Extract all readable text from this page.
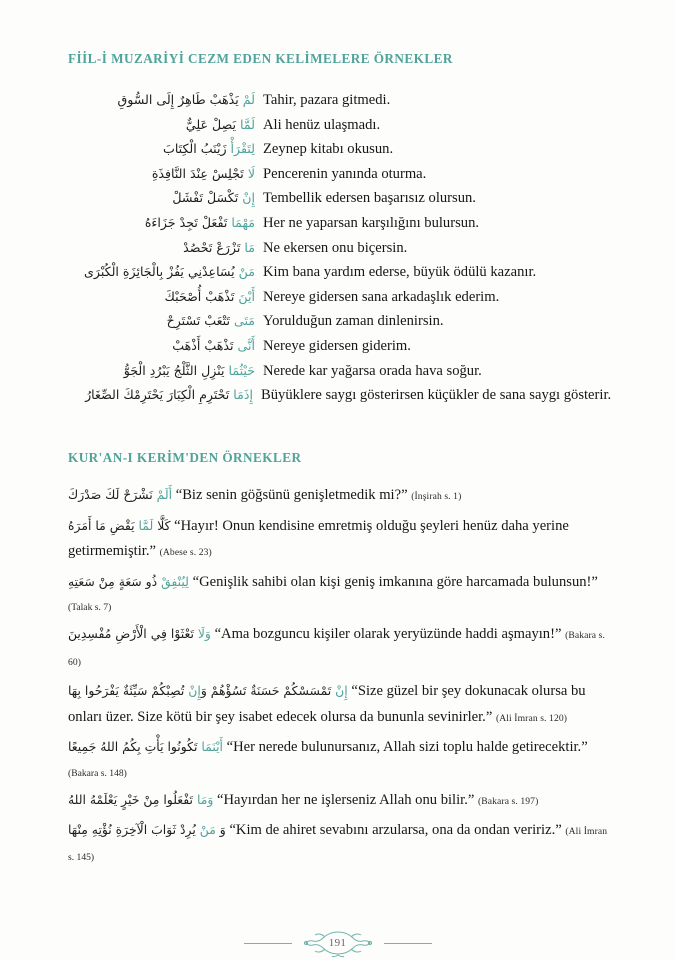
FİİL-İ MUZARİYİ CEZM EDEN KELİMELERE ÖRNEKLER
لَمْ يَذْهَبْ طَاهِرٌ إِلَى السُّوقِ	Tahir, pazara gitmedi.
لَمَّا يَصِلْ عَلِيٌّ	Ali henüz ulaşmadı.
لِتَقْرَأْ زَيْنَبُ الْكِتَابَ	Zeynep kitabı okusun.
لَا تَجْلِسْ عِنْدَ النَّافِذَةِ	Pencerenin yanında oturma.
إِنْ تَكْسَلْ تَفْشَلْ	Tembellik edersen başarısız olursun.
مَهْمَا تَفْعَلْ تَجِدْ جَزَاءَهُ	Her ne yaparsan karşılığını bulursun.
مَا تَزْرَعْ تَحْصُدْ	Ne ekersen onu biçersin.
مَنْ يُسَاعِدْنِي يَفُزْ بِالْجَائِزَةِ الْكُبْرَى	Kim bana yardım ederse, büyük ödülü kazanır.
أَيْنَ تَذْهَبْ أُصْحَبْكَ	Nereye gidersen sana arkadaşlık ederim.
مَتَى تَتْعَبْ تَسْتَرِحْ	Yorulduğun zaman dinlenirsin.
أَنَّى تَذْهَبْ أَذْهَبْ	Nereye gidersen giderim.
حَيْثُمَا يَنْزِلِ الثَّلْجُ يَبْرُدِ الْجَوُّ	Nerede kar yağarsa orada hava soğur.
إِذَمَا تَحْتَرِمِ الْكِبَارَ يَحْتَرِمْكَ الصِّغَارُ	Büyüklere saygı gösterirsen küçükler de sana saygı gösterir.
KUR'AN-I KERİM'DEN ÖRNEKLER

أَلَمْ نَشْرَحْ لَكَ صَدْرَكَ “Biz senin göğsünü genişletmedik mi?” (İnşirah s. 1)

كَلَّا لَمَّا يَقْضِ مَا أَمَرَهُ “Hayır! Onun kendisine emretmiş olduğu şeyleri henüz daha yerine getirmemiştir.” (Abese s. 23)

لِيُنْفِقْ ذُو سَعَةٍ مِنْ سَعَتِهِ “Genişlik sahibi olan kişi geniş imkanına göre harcamada bulunsun!”

(Talak s. 7)

وَلَا تَعْثَوْا فِي الْأَرْضِ مُفْسِدِينَ “Ama bozguncu kişiler olarak yeryüzünde haddi aşmayın!” (Bakara s. 60)

إِنْ تَمْسَسْكُمْ حَسَنَةٌ تَسُؤْهُمْ وَإِنْ تُصِبْكُمْ سَيِّئَةٌ يَفْرَحُوا بِهَا	“Size güzel bir şey dokunacak olursa bu onları üzer. Size kötü bir şey isabet edecek olursa da bununla sevinirler.” (Ali İmran s. 120)

أَيْنَمَا تَكُونُوا يَأْتِ بِكُمُ اللهُ جَمِيعًا “Her nerede bulunursanız, Allah sizi toplu halde getirecektir.”

(Bakara s. 148)

وَمَا تَفْعَلُوا مِنْ خَيْرٍ يَعْلَمْهُ اللهُ “Hayırdan her ne işlerseniz Allah onu bilir.” (Bakara s. 197)

وَ مَنْ يُرِدْ ثَوَابَ الْآخِرَةِ نُؤْتِهِ مِنْهَا “Kim de ahiret sevabını arzularsa, ona da ondan veririz.” (Ali İmran

s. 145)

191
